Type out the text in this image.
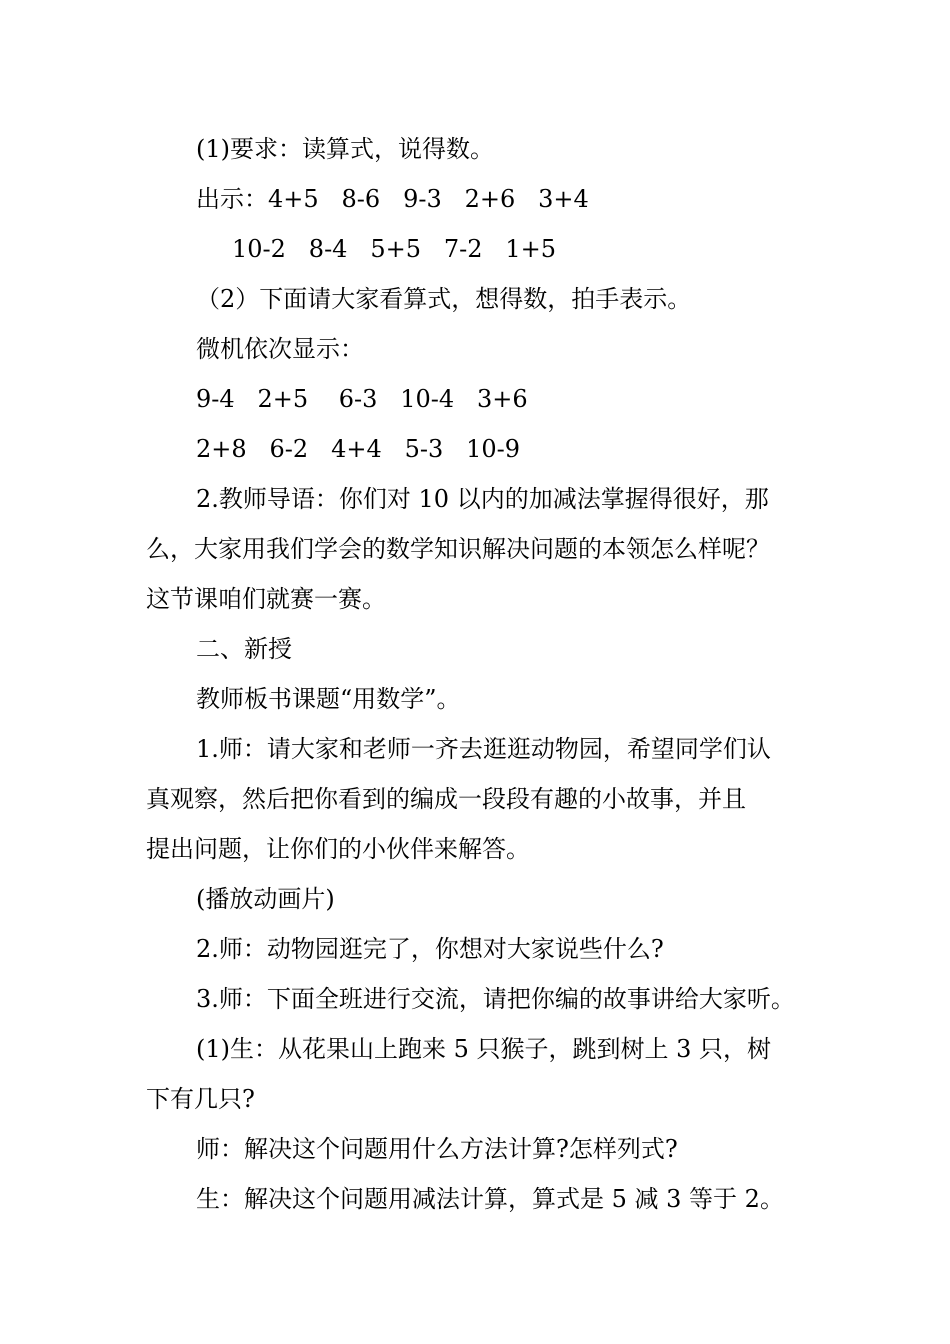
(1)要求：读算式，说得数。

出示：4+5   8-6   9-3   2+6   3+4

10-2   8-4   5+5   7-2   1+5

（2）下面请大家看算式，想得数，拍手表示。

微机依次显示：

9-4   2+5    6-3   10-4   3+6

2+8   6-2   4+4   5-3   10-9

2.教师导语：你们对 10 以内的加减法掌握得很好，那

么，大家用我们学会的数学知识解决问题的本领怎么样呢？

这节课咱们就赛一赛。

二、新授

教师板书课题“用数学”。

1.师：请大家和老师一齐去逛逛动物园，希望同学们认

真观察，然后把你看到的编成一段段有趣的小故事，并且

提出问题，让你们的小伙伴来解答。

(播放动画片)

2.师：动物园逛完了，你想对大家说些什么?

3.师：下面全班进行交流，请把你编的故事讲给大家听。

(1)生：从花果山上跑来 5 只猴子，跳到树上 3 只，树

下有几只?

师：解决这个问题用什么方法计算?怎样列式?

生：解决这个问题用减法计算，算式是 5 减 3 等于 2。
